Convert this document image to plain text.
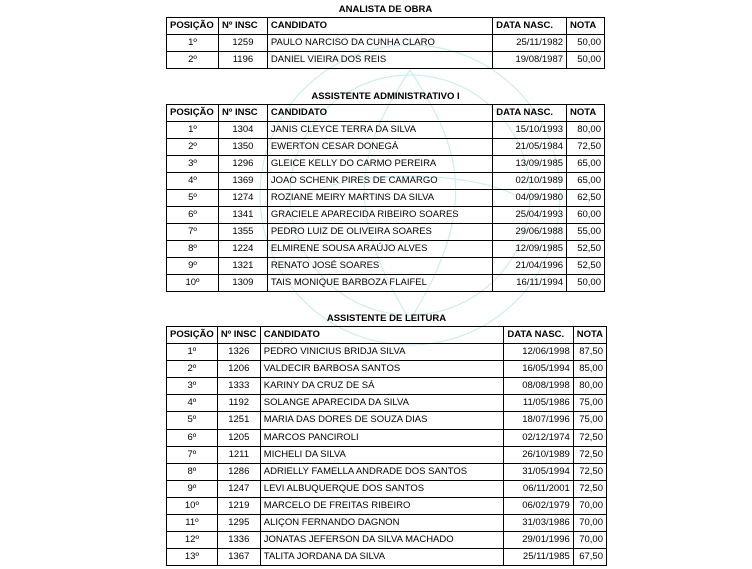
ANALISTA DE OBRA
POSIÇÃO	Nº INSC	CANDIDATO	DATA NASC.	NOTA
1º	1259	PAULO NARCISO DA CUNHA CLARO	25/11/1982	50,00
2º	1196	DANIEL VIEIRA DOS REIS	19/08/1987	50,00
ASSISTENTE ADMINISTRATIVO I
POSIÇÃO	Nº INSC	CANDIDATO	DATA NASC.	NOTA
1º	1304	JANIS CLEYCE TERRA DA SILVA	15/10/1993	80,00
2º	1350	EWERTON CESAR DONEGÁ	21/05/1984	72,50
3º	1296	GLEICE KELLY DO CARMO PEREIRA	13/09/1985	65,00
4º	1369	JOAO SCHENK PIRES DE CAMARGO	02/10/1989	65,00
5º	1274	ROZIANE MEIRY MARTINS DA SILVA	04/09/1980	62,50
6º	1341	GRACIELE APARECIDA RIBEIRO SOARES	25/04/1993	60,00
7º	1355	PEDRO LUIZ DE OLIVEIRA SOARES	29/06/1988	55,00
8º	1224	ELMIRENE SOUSA ARAÚJO ALVES	12/09/1985	52,50
9º	1321	RENATO JOSÉ SOARES	21/04/1996	52,50
10º	1309	TAIS MONIQUE BARBOZA FLAIFEL	16/11/1994	50,00
ASSISTENTE DE LEITURA
POSIÇÃO	Nº INSC	CANDIDATO	DATA NASC.	NOTA
1º	1326	PEDRO VINICIUS BRIDJA SILVA	12/06/1998	87,50
2º	1206	VALDECIR BARBOSA SANTOS	16/05/1994	85,00
3º	1333	KARINY DA CRUZ DE SÁ	08/08/1998	80,00
4º	1192	SOLANGE APARECIDA DA SILVA	11/05/1986	75,00
5º	1251	MARIA DAS DORES DE SOUZA DIAS	18/07/1996	75,00
6º	1205	MARCOS PANCIROLI	02/12/1974	72,50
7º	1211	MICHELI DA SILVA	26/10/1989	72,50
8º	1286	ADRIELLY FAMELLA ANDRADE DOS SANTOS	31/05/1994	72,50
9º	1247	LEVI ALBUQUERQUE DOS SANTOS	06/11/2001	72,50
10º	1219	MARCELO DE FREITAS RIBEIRO	06/02/1979	70,00
11º	1295	ALIÇON FERNANDO DAGNON	31/03/1986	70,00
12º	1336	JONATAS JEFERSON DA SILVA MACHADO	29/01/1996	70,00
13º	1367	TALITA JORDANA DA SILVA	25/11/1985	67,50
